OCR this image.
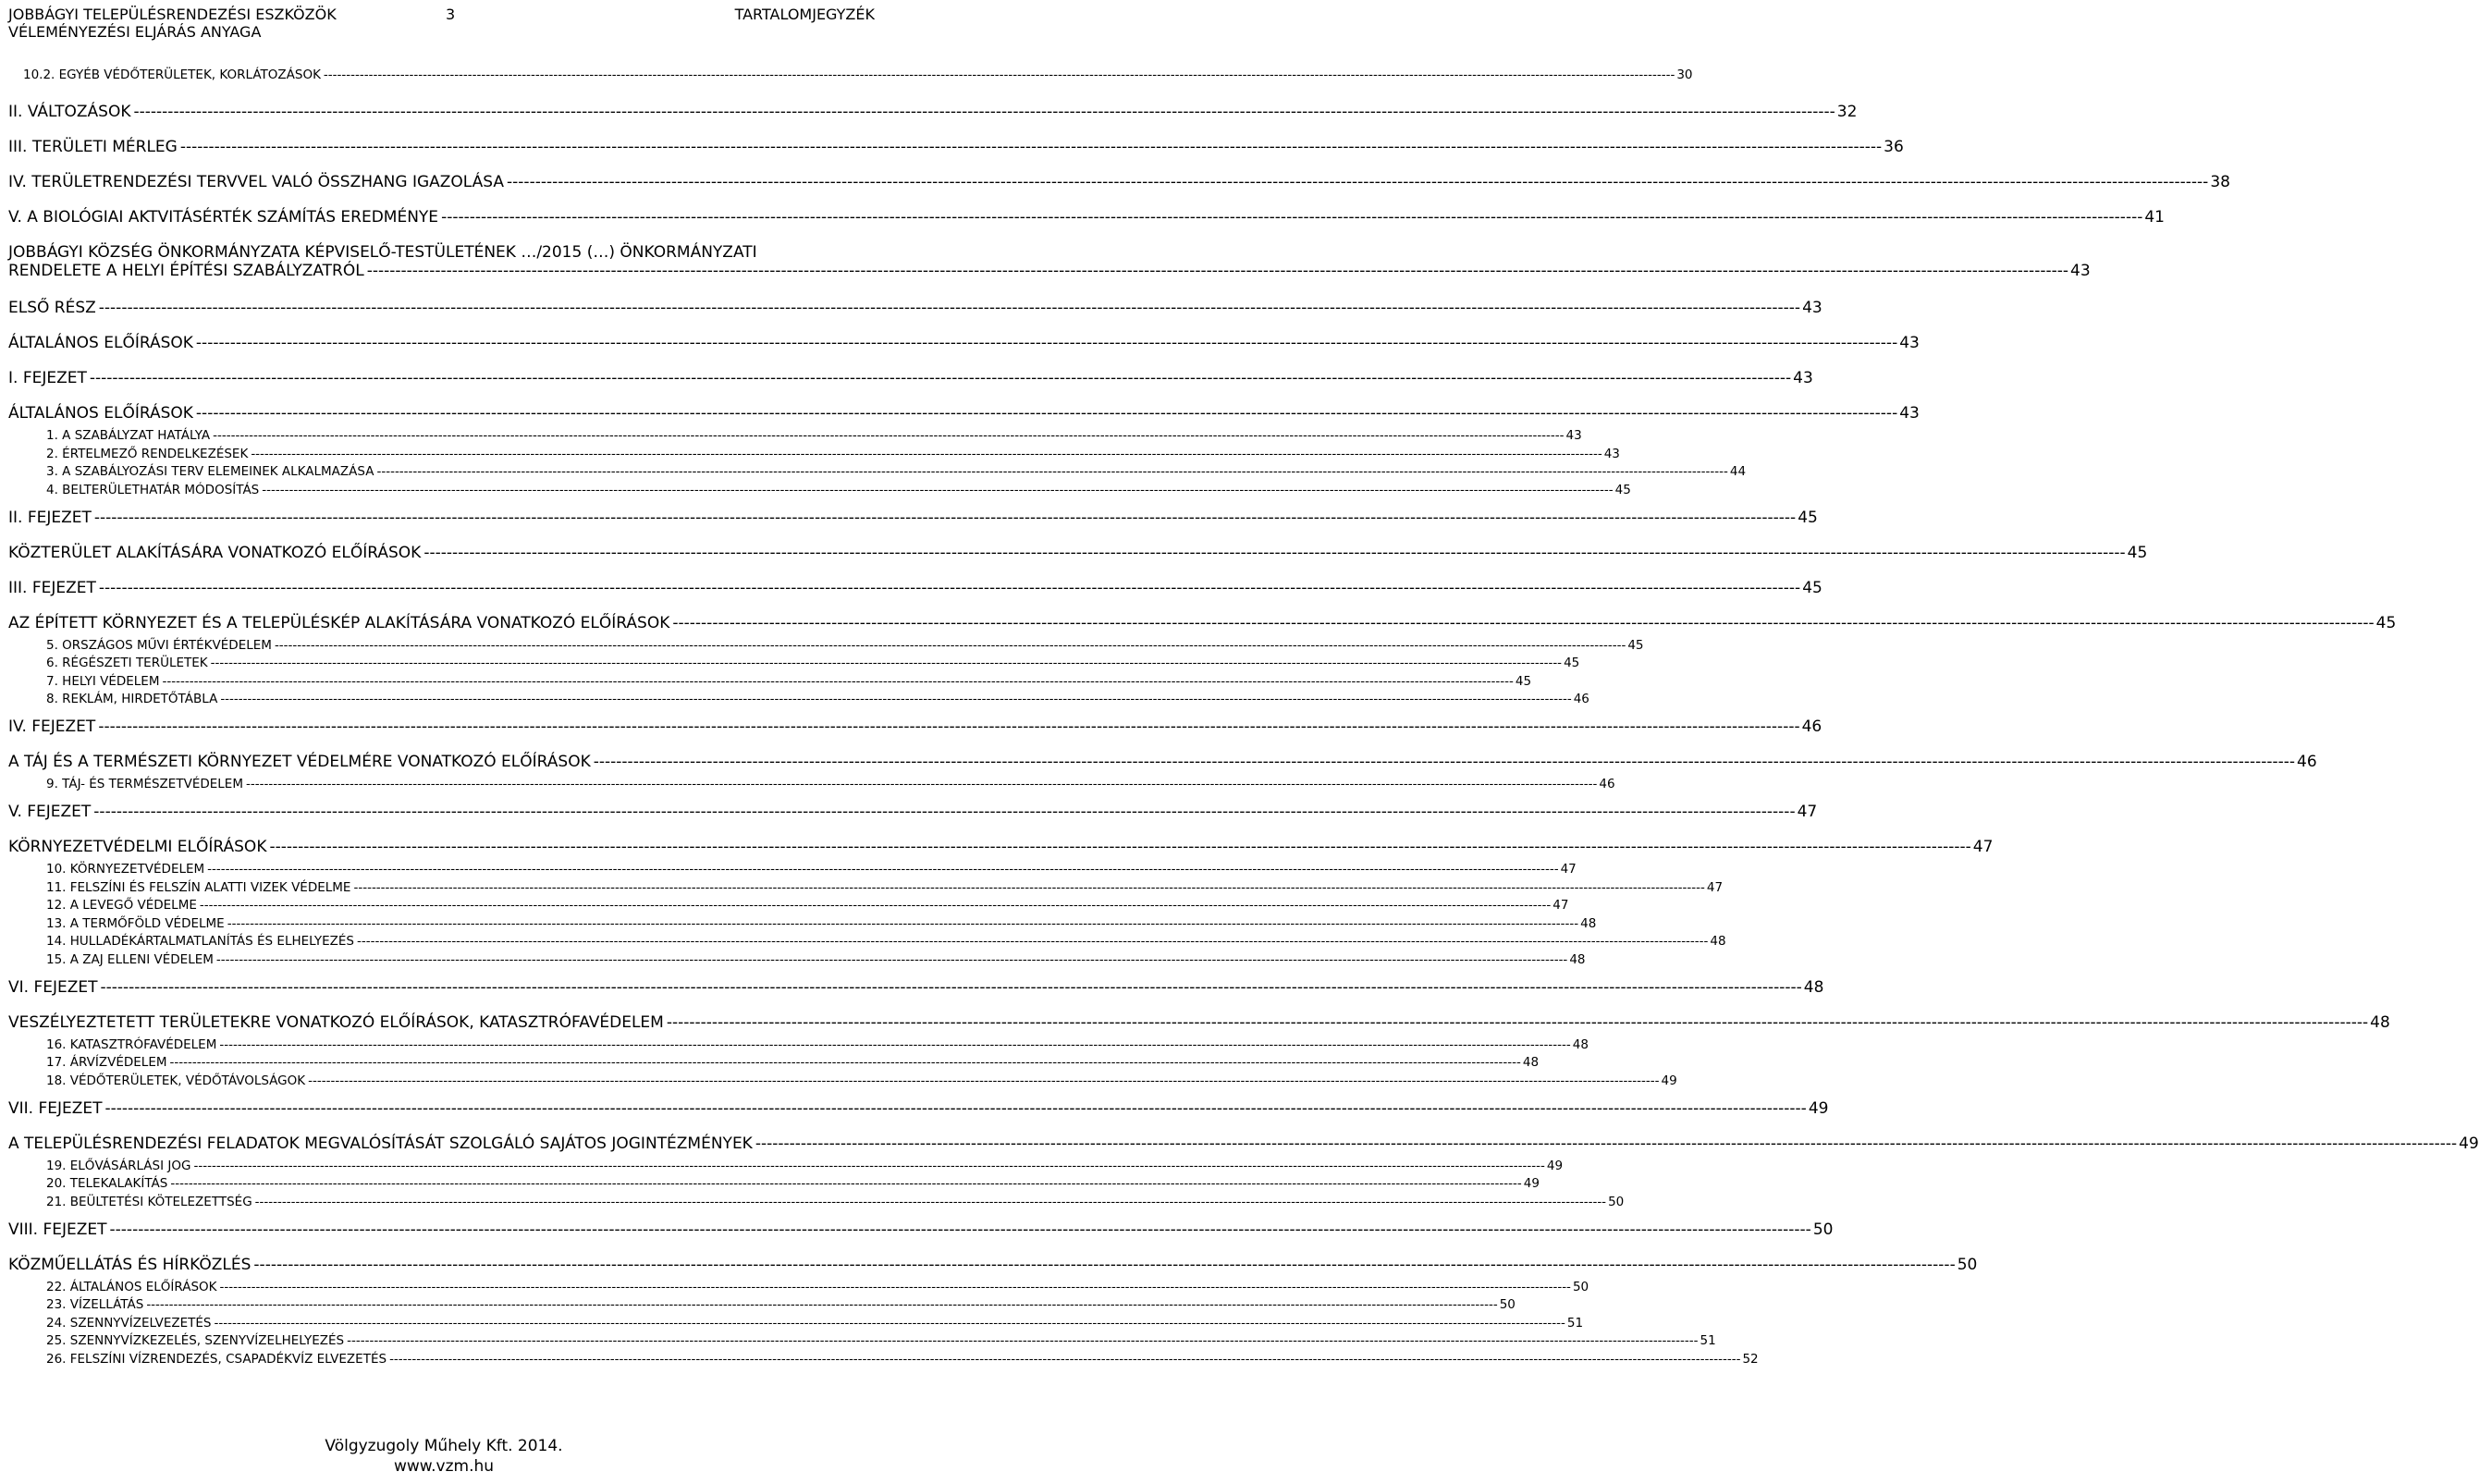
JOBBÁGYI TELEPÜLÉSRENDEZÉSI ESZKÖZÖK	TARTALOMJEGYZÉK
3
VÉLEMÉNYEZÉSI ELJÁRÁS ANYAGA
10.2. EGYÉB VÉDŐTERÜLETEK, KORLÁTOZÁSOK ------------------------------------------------------------------------------------------------------------------------------------------------------------------------------------------------------------------------------------------------------------------------------------------------------------ 30
II. VÁLTOZÁSOK ------------------------------------------------------------------------------------------------------------------------------------------------------------------------------------------------------------------------------------------------------------------------------------------------------------ 32
III. TERÜLETI MÉRLEG ------------------------------------------------------------------------------------------------------------------------------------------------------------------------------------------------------------------------------------------------------------------------------------------------------------ 36
IV. TERÜLETRENDEZÉSI TERVVEL VALÓ ÖSSZHANG IGAZOLÁSA ------------------------------------------------------------------------------------------------------------------------------------------------------------------------------------------------------------------------------------------------------------------------------------------------------------ 38
V. A BIOLÓGIAI AKTVITÁSÉRTÉK SZÁMÍTÁS EREDMÉNYE ------------------------------------------------------------------------------------------------------------------------------------------------------------------------------------------------------------------------------------------------------------------------------------------------------------ 41
JOBBÁGYI KÖZSÉG ÖNKORMÁNYZATA KÉPVISELŐ-TESTÜLETÉNEK …/2015 (…) ÖNKORMÁNYZATI
RENDELETE A HELYI ÉPÍTÉSI SZABÁLYZATRÓL ------------------------------------------------------------------------------------------------------------------------------------------------------------------------------------------------------------------------------------------------------------------------------------------------------------ 43
ELSŐ RÉSZ ------------------------------------------------------------------------------------------------------------------------------------------------------------------------------------------------------------------------------------------------------------------------------------------------------------ 43
ÁLTALÁNOS ELŐÍRÁSOK ------------------------------------------------------------------------------------------------------------------------------------------------------------------------------------------------------------------------------------------------------------------------------------------------------------ 43
I. FEJEZET ------------------------------------------------------------------------------------------------------------------------------------------------------------------------------------------------------------------------------------------------------------------------------------------------------------ 43
ÁLTALÁNOS ELŐÍRÁSOK ------------------------------------------------------------------------------------------------------------------------------------------------------------------------------------------------------------------------------------------------------------------------------------------------------------ 43
1. A SZABÁLYZAT HATÁLYA ------------------------------------------------------------------------------------------------------------------------------------------------------------------------------------------------------------------------------------------------------------------------------------------------------------ 43
2. ÉRTELMEZŐ RENDELKEZÉSEK ------------------------------------------------------------------------------------------------------------------------------------------------------------------------------------------------------------------------------------------------------------------------------------------------------------ 43
3. A SZABÁLYOZÁSI TERV ELEMEINEK ALKALMAZÁSA ------------------------------------------------------------------------------------------------------------------------------------------------------------------------------------------------------------------------------------------------------------------------------------------------------------ 44
4. BELTERÜLETHATÁR MÓDOSÍTÁS ------------------------------------------------------------------------------------------------------------------------------------------------------------------------------------------------------------------------------------------------------------------------------------------------------------ 45
II. FEJEZET ------------------------------------------------------------------------------------------------------------------------------------------------------------------------------------------------------------------------------------------------------------------------------------------------------------ 45
KÖZTERÜLET ALAKÍTÁSÁRA VONATKOZÓ ELŐÍRÁSOK ------------------------------------------------------------------------------------------------------------------------------------------------------------------------------------------------------------------------------------------------------------------------------------------------------------ 45
III. FEJEZET ------------------------------------------------------------------------------------------------------------------------------------------------------------------------------------------------------------------------------------------------------------------------------------------------------------ 45
AZ ÉPÍTETT KÖRNYEZET ÉS A TELEPÜLÉSKÉP ALAKÍTÁSÁRA VONATKOZÓ ELŐÍRÁSOK ------------------------------------------------------------------------------------------------------------------------------------------------------------------------------------------------------------------------------------------------------------------------------------------------------------ 45
5. ORSZÁGOS MŰVI ÉRTÉKVÉDELEM ------------------------------------------------------------------------------------------------------------------------------------------------------------------------------------------------------------------------------------------------------------------------------------------------------------ 45
6. RÉGÉSZETI TERÜLETEK ------------------------------------------------------------------------------------------------------------------------------------------------------------------------------------------------------------------------------------------------------------------------------------------------------------ 45
7. HELYI VÉDELEM ------------------------------------------------------------------------------------------------------------------------------------------------------------------------------------------------------------------------------------------------------------------------------------------------------------ 45
8. REKLÁM, HIRDETŐTÁBLA ------------------------------------------------------------------------------------------------------------------------------------------------------------------------------------------------------------------------------------------------------------------------------------------------------------ 46
IV. FEJEZET ------------------------------------------------------------------------------------------------------------------------------------------------------------------------------------------------------------------------------------------------------------------------------------------------------------ 46
A TÁJ ÉS A TERMÉSZETI KÖRNYEZET VÉDELMÉRE VONATKOZÓ ELŐÍRÁSOK ------------------------------------------------------------------------------------------------------------------------------------------------------------------------------------------------------------------------------------------------------------------------------------------------------------ 46
9. TÁJ- ÉS TERMÉSZETVÉDELEM ------------------------------------------------------------------------------------------------------------------------------------------------------------------------------------------------------------------------------------------------------------------------------------------------------------ 46
V. FEJEZET ------------------------------------------------------------------------------------------------------------------------------------------------------------------------------------------------------------------------------------------------------------------------------------------------------------ 47
KÖRNYEZETVÉDELMI ELŐÍRÁSOK ------------------------------------------------------------------------------------------------------------------------------------------------------------------------------------------------------------------------------------------------------------------------------------------------------------ 47
10. KÖRNYEZETVÉDELEM ------------------------------------------------------------------------------------------------------------------------------------------------------------------------------------------------------------------------------------------------------------------------------------------------------------ 47
11. FELSZÍNI ÉS FELSZÍN ALATTI VIZEK VÉDELME ------------------------------------------------------------------------------------------------------------------------------------------------------------------------------------------------------------------------------------------------------------------------------------------------------------ 47
12. A LEVEGŐ VÉDELME ------------------------------------------------------------------------------------------------------------------------------------------------------------------------------------------------------------------------------------------------------------------------------------------------------------ 47
13. A TERMŐFÖLD VÉDELME ------------------------------------------------------------------------------------------------------------------------------------------------------------------------------------------------------------------------------------------------------------------------------------------------------------ 48
14. HULLADÉKÁRTALMATLANÍTÁS ÉS ELHELYEZÉS ------------------------------------------------------------------------------------------------------------------------------------------------------------------------------------------------------------------------------------------------------------------------------------------------------------ 48
15. A ZAJ ELLENI VÉDELEM ------------------------------------------------------------------------------------------------------------------------------------------------------------------------------------------------------------------------------------------------------------------------------------------------------------ 48
VI. FEJEZET ------------------------------------------------------------------------------------------------------------------------------------------------------------------------------------------------------------------------------------------------------------------------------------------------------------ 48
VESZÉLYEZTETETT TERÜLETEKRE VONATKOZÓ ELŐÍRÁSOK, KATASZTRÓFAVÉDELEM ------------------------------------------------------------------------------------------------------------------------------------------------------------------------------------------------------------------------------------------------------------------------------------------------------------ 48
16. KATASZTRÓFAVÉDELEM ------------------------------------------------------------------------------------------------------------------------------------------------------------------------------------------------------------------------------------------------------------------------------------------------------------ 48
17. ÁRVÍZVÉDELEM ------------------------------------------------------------------------------------------------------------------------------------------------------------------------------------------------------------------------------------------------------------------------------------------------------------ 48
18. VÉDŐTERÜLETEK, VÉDŐTÁVOLSÁGOK ------------------------------------------------------------------------------------------------------------------------------------------------------------------------------------------------------------------------------------------------------------------------------------------------------------ 49
VII. FEJEZET ------------------------------------------------------------------------------------------------------------------------------------------------------------------------------------------------------------------------------------------------------------------------------------------------------------ 49
A TELEPÜLÉSRENDEZÉSI FELADATOK MEGVALÓSÍTÁSÁT SZOLGÁLÓ SAJÁTOS JOGINTÉZMÉNYEK ------------------------------------------------------------------------------------------------------------------------------------------------------------------------------------------------------------------------------------------------------------------------------------------------------------ 49
19. ELŐVÁSÁRLÁSI JOG ------------------------------------------------------------------------------------------------------------------------------------------------------------------------------------------------------------------------------------------------------------------------------------------------------------ 49
20. TELEKALAKÍTÁS ------------------------------------------------------------------------------------------------------------------------------------------------------------------------------------------------------------------------------------------------------------------------------------------------------------ 49
21. BEÜLTETÉSI KÖTELEZETTSÉG ------------------------------------------------------------------------------------------------------------------------------------------------------------------------------------------------------------------------------------------------------------------------------------------------------------ 50
VIII. FEJEZET ------------------------------------------------------------------------------------------------------------------------------------------------------------------------------------------------------------------------------------------------------------------------------------------------------------ 50
KÖZMŰELLÁTÁS ÉS HÍRKÖZLÉS ------------------------------------------------------------------------------------------------------------------------------------------------------------------------------------------------------------------------------------------------------------------------------------------------------------ 50
22. ÁLTALÁNOS ELŐÍRÁSOK ------------------------------------------------------------------------------------------------------------------------------------------------------------------------------------------------------------------------------------------------------------------------------------------------------------ 50
23. VÍZELLÁTÁS ------------------------------------------------------------------------------------------------------------------------------------------------------------------------------------------------------------------------------------------------------------------------------------------------------------ 50
24. SZENNYVÍZELVEZETÉS ------------------------------------------------------------------------------------------------------------------------------------------------------------------------------------------------------------------------------------------------------------------------------------------------------------ 51
25. SZENNYVÍZKEZELÉS, SZENYVÍZELHELYEZÉS ------------------------------------------------------------------------------------------------------------------------------------------------------------------------------------------------------------------------------------------------------------------------------------------------------------ 51
26. FELSZÍNI VÍZRENDEZÉS, CSAPADÉKVÍZ ELVEZETÉS ------------------------------------------------------------------------------------------------------------------------------------------------------------------------------------------------------------------------------------------------------------------------------------------------------------ 52
Völgyzugoly Műhely Kft. 2014.
www.vzm.hu
